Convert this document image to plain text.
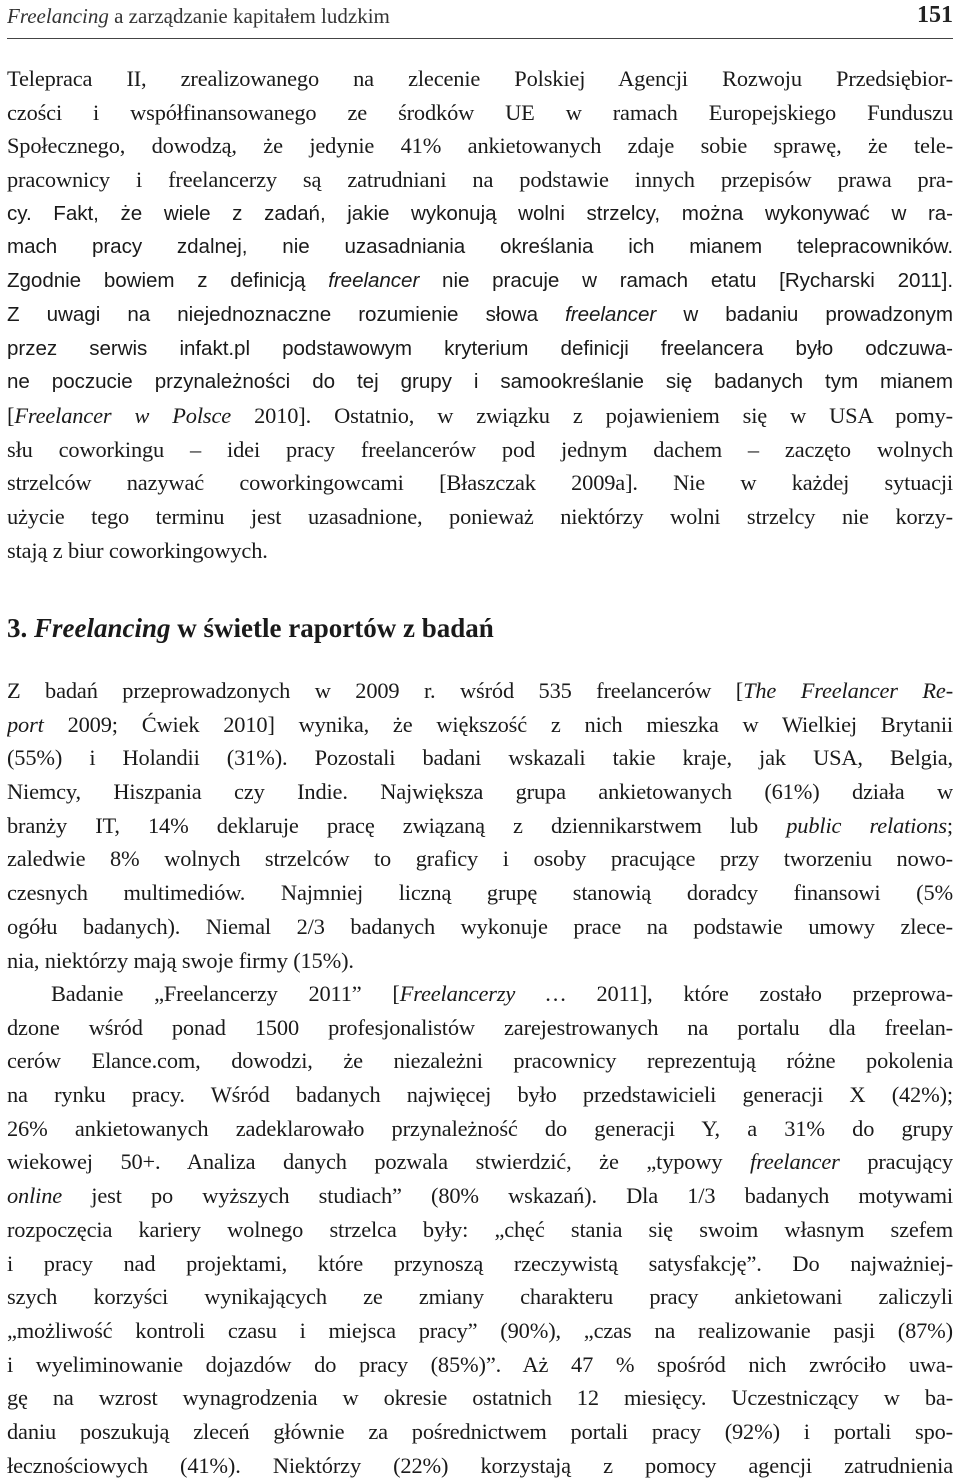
Freelancing a zarządzanie kapitałem ludzkim	151
Telepraca II, zrealizowanego na zlecenie Polskiej Agencji Rozwoju Przedsiębior-
czości i współfinansowanego ze środków UE w ramach Europejskiego Funduszu
Społecznego, dowodzą, że jedynie 41% ankietowanych zdaje sobie sprawę, że tele-
pracownicy i freelancerzy są zatrudniani na podstawie innych przepisów prawa pra-
cy. Fakt, że wiele z zadań, jakie wykonują wolni strzelcy, można wykonywać w ra-
mach pracy zdalnej, nie uzasadniania określania ich mianem telepracowników.
Zgodnie bowiem z definicją freelancer nie pracuje w ramach etatu [Rycharski 2011].
Z uwagi na niejednoznaczne rozumienie słowa freelancer w badaniu prowadzonym
przez serwis infakt.pl podstawowym kryterium definicji freelancera było odczuwa-
ne poczucie przynależności do tej grupy i samookreślanie się badanych tym mianem
[Freelancer w Polsce 2010]. Ostatnio, w związku z pojawieniem się w USA pomy-
słu coworkingu – idei pracy freelancerów pod jednym dachem – zaczęto wolnych
strzelców nazywać coworkingowcami [Błaszczak 2009a]. Nie w każdej sytuacji
użycie tego terminu jest uzasadnione, ponieważ niektórzy wolni strzelcy nie korzy-
stają z biur coworkingowych.
3. Freelancing w świetle raportów z badań
Z badań przeprowadzonych w 2009 r. wśród 535 freelancerów [The Freelancer Re-
port 2009; Ćwiek 2010] wynika, że większość z nich mieszka w Wielkiej Brytanii
(55%) i Holandii (31%). Pozostali badani wskazali takie kraje, jak USA, Belgia,
Niemcy, Hiszpania czy Indie. Największa grupa ankietowanych (61%) działa w
branży IT, 14% deklaruje pracę związaną z dziennikarstwem lub public relations;
zaledwie 8% wolnych strzelców to graficy i osoby pracujące przy tworzeniu nowo-
czesnych multimediów. Najmniej liczną grupę stanowią doradcy finansowi (5%
ogółu badanych). Niemal 2/3 badanych wykonuje prace na podstawie umowy zlece-
nia, niektórzy mają swoje firmy (15%).
Badanie „Freelancerzy 2011” [Freelancerzy … 2011], które zostało przeprowa-
dzone wśród ponad 1500 profesjonalistów zarejestrowanych na portalu dla freelan-
cerów Elance.com, dowodzi, że niezależni pracownicy reprezentują różne pokolenia
na rynku pracy. Wśród badanych najwięcej było przedstawicieli generacji X (42%);
26% ankietowanych zadeklarowało przynależność do generacji Y, a 31% do grupy
wiekowej 50+. Analiza danych pozwala stwierdzić, że „typowy freelancer pracujący
online jest po wyższych studiach” (80% wskazań). Dla 1/3 badanych motywami
rozpoczęcia kariery wolnego strzelca były: „chęć stania się swoim własnym szefem
i pracy nad projektami, które przynoszą rzeczywistą satysfakcję”. Do najważniej-
szych korzyści wynikających ze zmiany charakteru pracy ankietowani zaliczyli
„możliwość kontroli czasu i miejsca pracy” (90%), „czas na realizowanie pasji (87%)
i wyeliminowanie dojazdów do pracy (85%)”. Aż 47 % spośród nich zwróciło uwa-
gę na wzrost wynagrodzenia w okresie ostatnich 12 miesięcy. Uczestniczący w ba-
daniu poszukują zleceń głównie za pośrednictwem portali pracy (92%) i portali spo-
łecznościowych (41%). Niektórzy (22%) korzystają z pomocy agencji zatrudnienia
